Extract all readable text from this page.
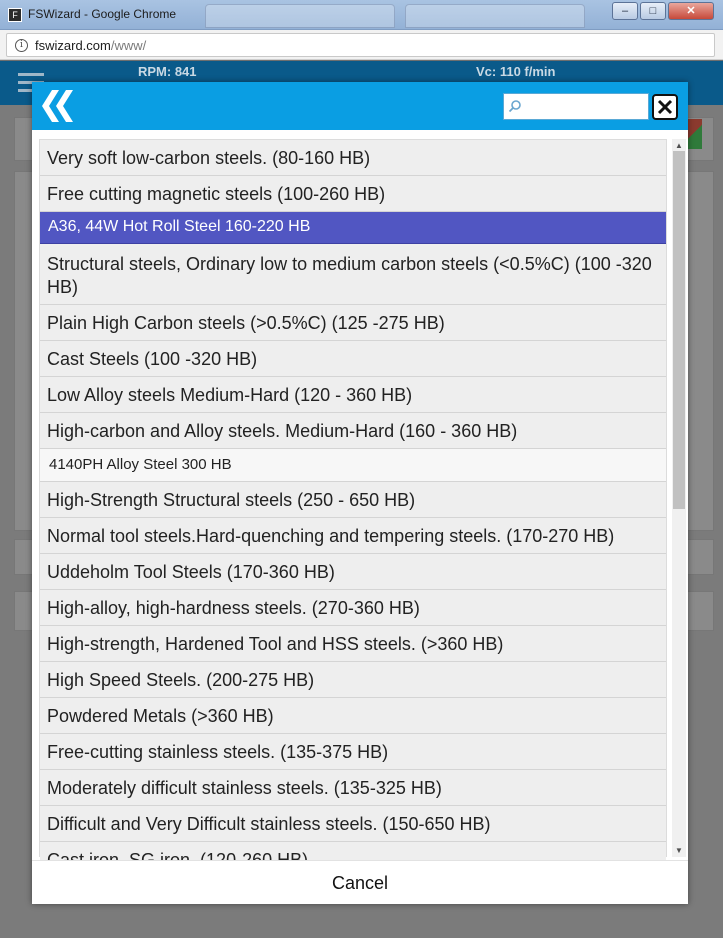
F FSWizard - Google Chrome	–	□	✕
i fswizard.com/www/
RPM: 841	Vc: 110 f/min
Very soft low-carbon steels. (80-160 HB)
Free cutting magnetic steels (100-260 HB)
A36, 44W Hot Roll Steel 160-220 HB
Structural steels, Ordinary low to medium carbon steels (<0.5%C) (100 -320 HB)
Plain High Carbon steels (>0.5%C) (125 -275 HB)
Cast Steels (100 -320 HB)
Low Alloy steels Medium-Hard (120 - 360 HB)
High-carbon and Alloy steels. Medium-Hard (160 - 360 HB)
4140PH Alloy Steel 300 HB
High-Strength Structural steels (250 - 650 HB)
Normal tool steels.Hard-quenching and tempering steels. (170-270 HB)
Uddeholm Tool Steels (170-360 HB)
High-alloy, high-hardness steels. (270-360 HB)
High-strength, Hardened Tool and HSS steels. (>360 HB)
High Speed Steels. (200-275 HB)
Powdered Metals (>360 HB)
Free-cutting stainless steels. (135-375 HB)
Moderately difficult stainless steels. (135-325 HB)
Difficult and Very Difficult stainless steels. (150-650 HB)
▲
▼
Cancel
